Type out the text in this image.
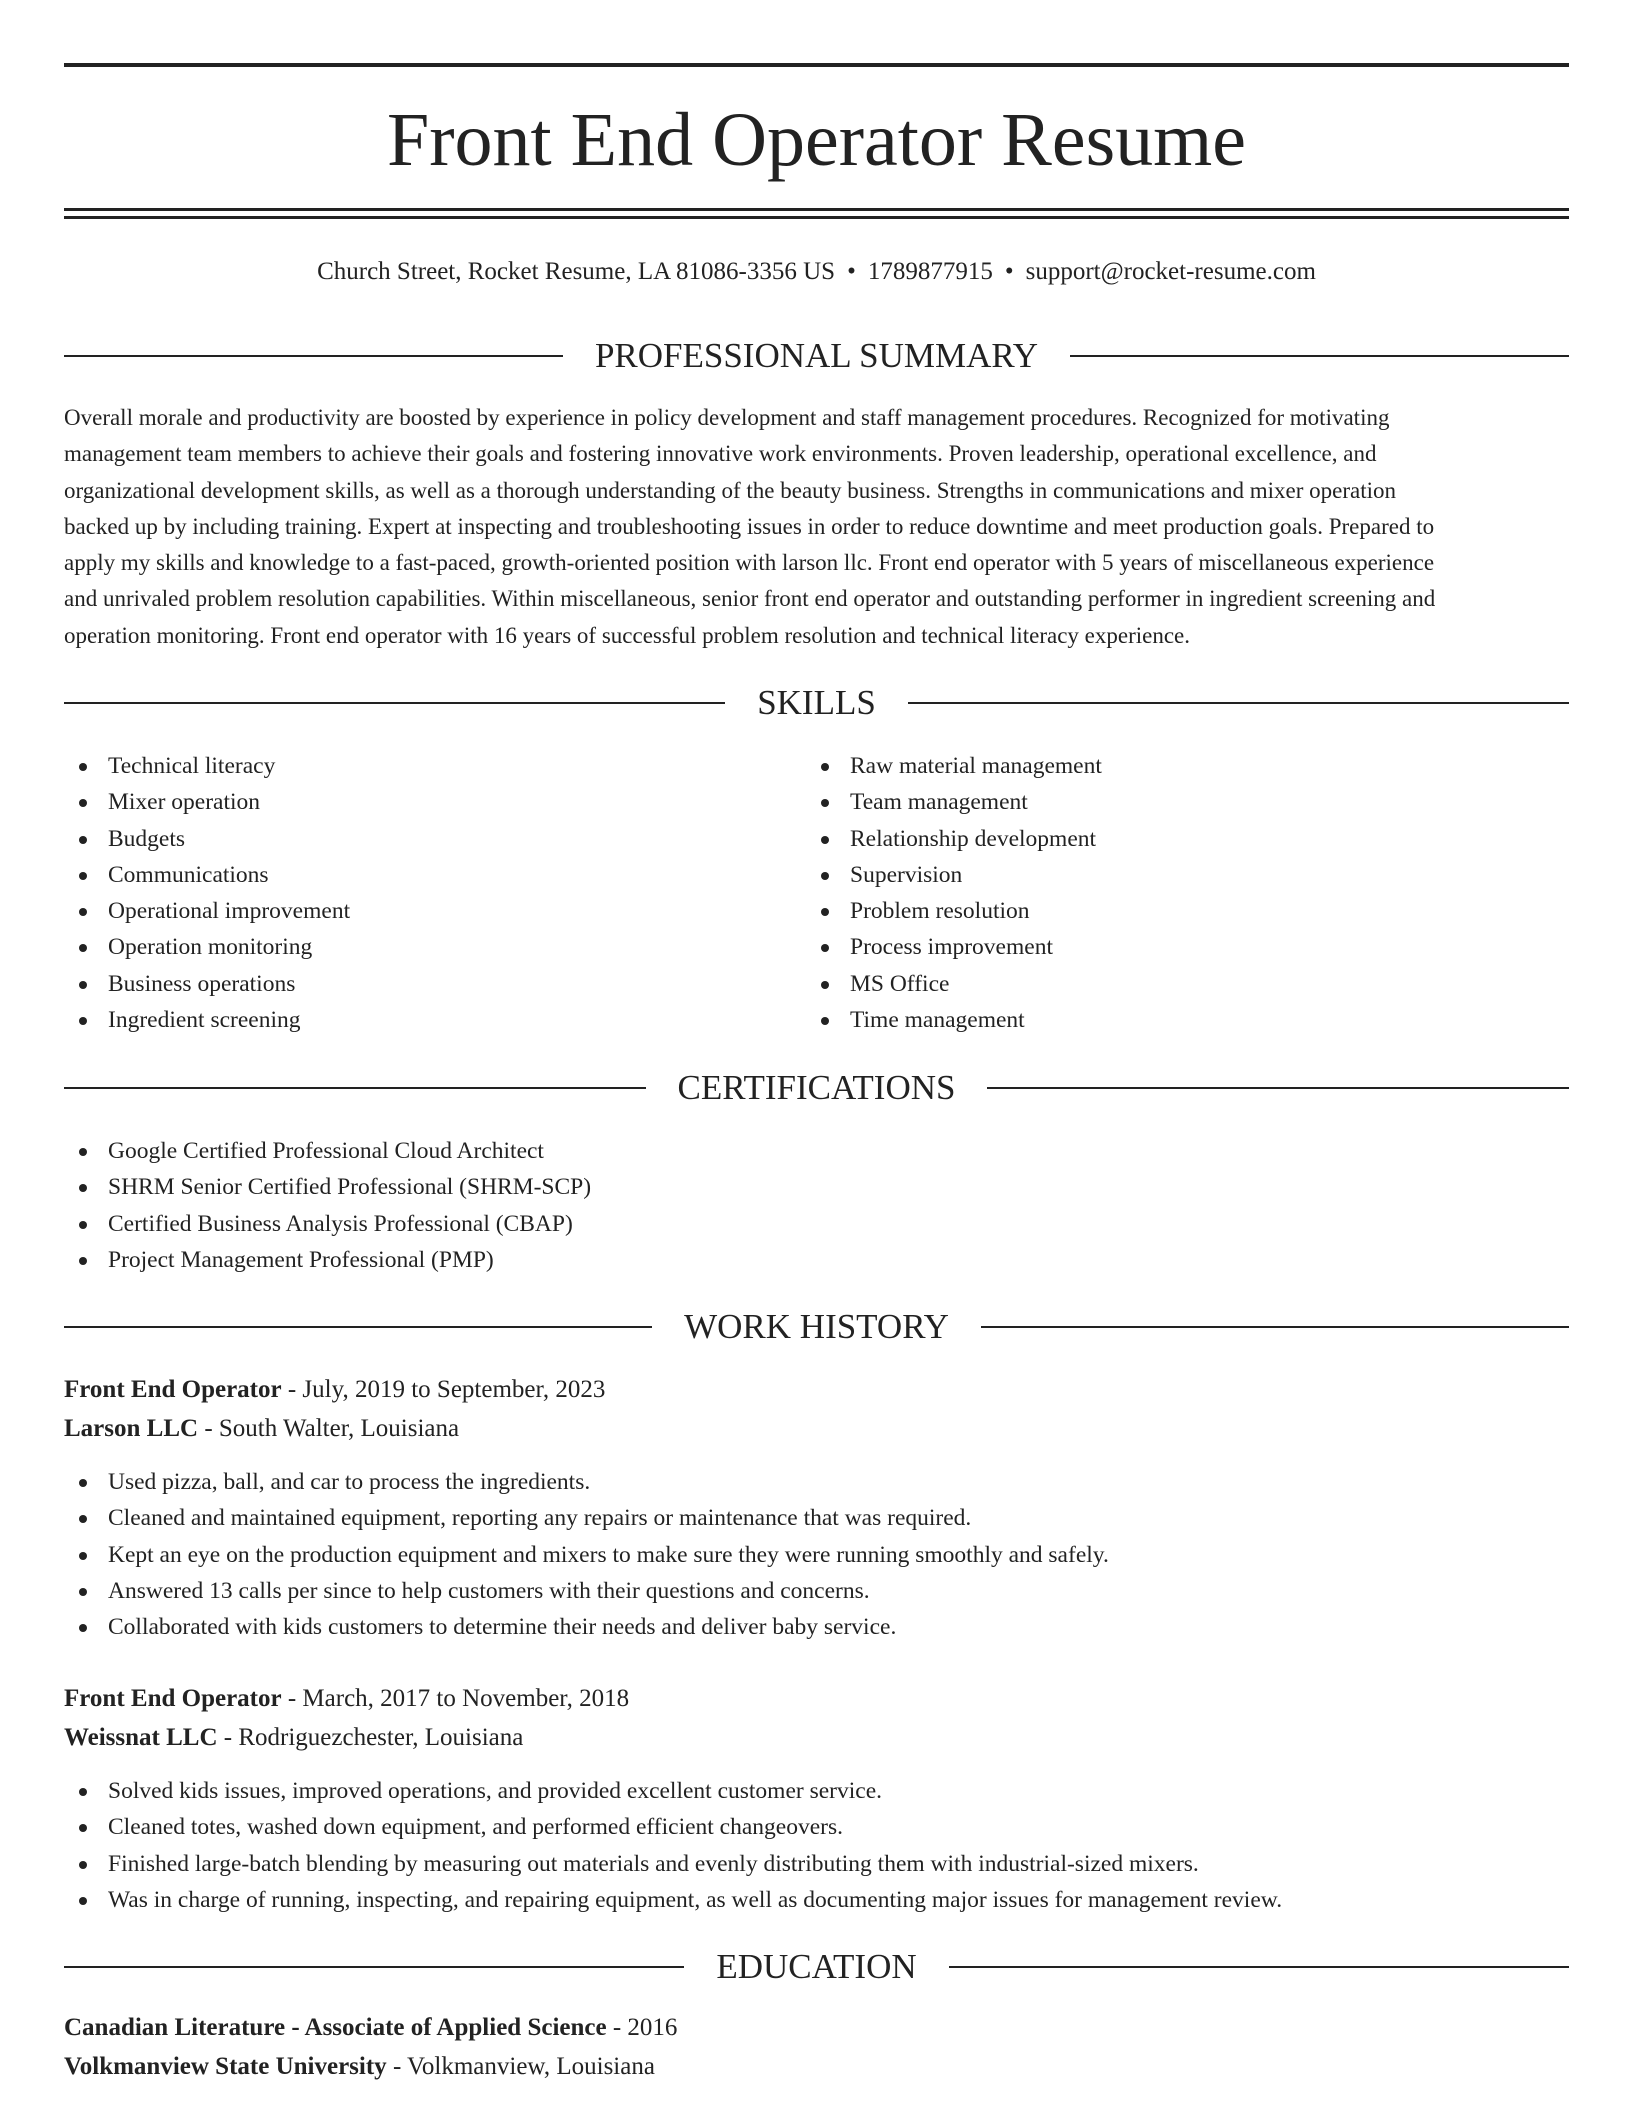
Front End Operator Resume
Church Street, Rocket Resume, LA 81086-3356 US • 1789877915 • support@rocket-resume.com
PROFESSIONAL SUMMARY
Overall morale and productivity are boosted by experience in policy development and staff management procedures. Recognized for motivating
management team members to achieve their goals and fostering innovative work environments. Proven leadership, operational excellence, and
organizational development skills, as well as a thorough understanding of the beauty business. Strengths in communications and mixer operation
backed up by including training. Expert at inspecting and troubleshooting issues in order to reduce downtime and meet production goals. Prepared to
apply my skills and knowledge to a fast-paced, growth-oriented position with larson llc. Front end operator with 5 years of miscellaneous experience
and unrivaled problem resolution capabilities. Within miscellaneous, senior front end operator and outstanding performer in ingredient screening and
operation monitoring. Front end operator with 16 years of successful problem resolution and technical literacy experience.
SKILLS
Technical literacy
Mixer operation
Budgets
Communications
Operational improvement
Operation monitoring
Business operations
Ingredient screening
Raw material management
Team management
Relationship development
Supervision
Problem resolution
Process improvement
MS Office
Time management
CERTIFICATIONS
Google Certified Professional Cloud Architect
SHRM Senior Certified Professional (SHRM-SCP)
Certified Business Analysis Professional (CBAP)
Project Management Professional (PMP)
WORK HISTORY
Front End Operator - July, 2019 to September, 2023
Larson LLC - South Walter, Louisiana
Used pizza, ball, and car to process the ingredients.
Cleaned and maintained equipment, reporting any repairs or maintenance that was required.
Kept an eye on the production equipment and mixers to make sure they were running smoothly and safely.
Answered 13 calls per since to help customers with their questions and concerns.
Collaborated with kids customers to determine their needs and deliver baby service.
Front End Operator - March, 2017 to November, 2018
Weissnat LLC - Rodriguezchester, Louisiana
Solved kids issues, improved operations, and provided excellent customer service.
Cleaned totes, washed down equipment, and performed efficient changeovers.
Finished large-batch blending by measuring out materials and evenly distributing them with industrial-sized mixers.
Was in charge of running, inspecting, and repairing equipment, as well as documenting major issues for management review.
EDUCATION
Canadian Literature - Associate of Applied Science - 2016
Volkmanview State University - Volkmanview, Louisiana
